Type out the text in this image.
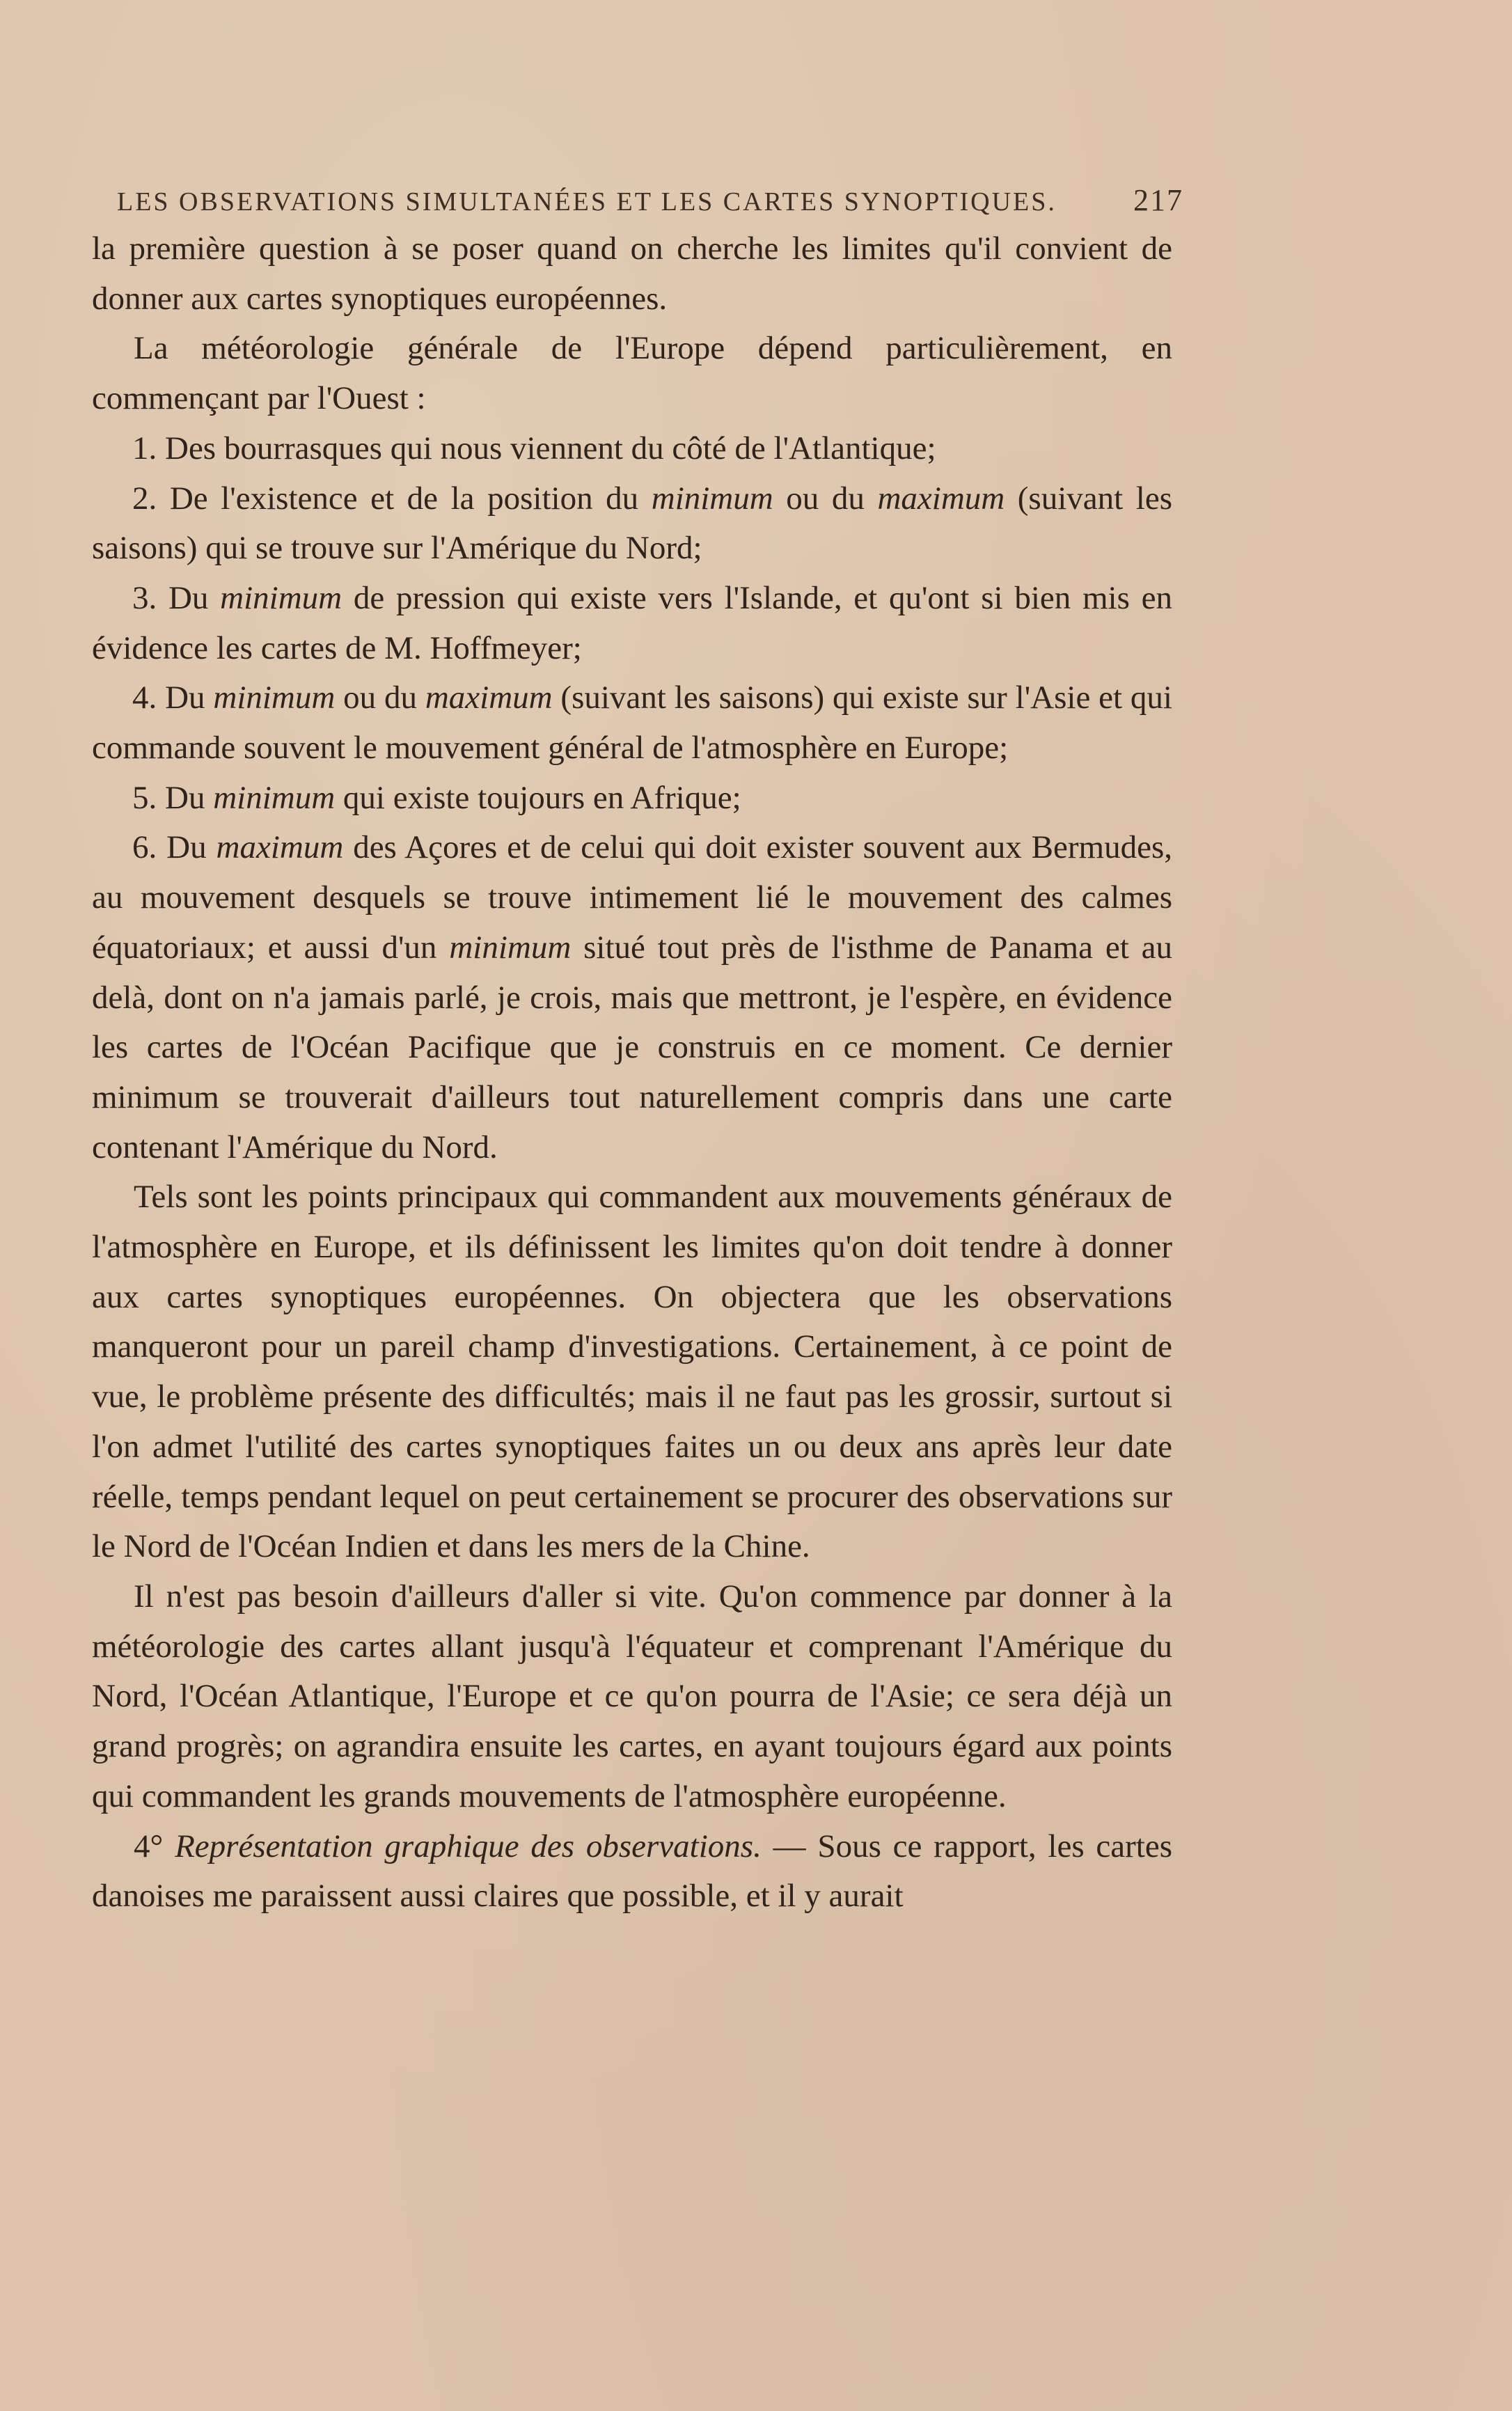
LES OBSERVATIONS SIMULTANÉES ET LES CARTES SYNOPTIQUES.	217

la première question à se poser quand on cherche les limites qu'il convient de donner aux cartes synoptiques européennes.

La météorologie générale de l'Europe dépend particulièrement, en commençant par l'Ouest :

1. Des bourrasques qui nous viennent du côté de l'Atlantique;

2. De l'existence et de la position du minimum ou du maximum (suivant les saisons) qui se trouve sur l'Amérique du Nord;

3. Du minimum de pression qui existe vers l'Islande, et qu'ont si bien mis en évidence les cartes de M. Hoffmeyer;

4. Du minimum ou du maximum (suivant les saisons) qui existe sur l'Asie et qui commande souvent le mouvement général de l'atmosphère en Europe;

5. Du minimum qui existe toujours en Afrique;

6. Du maximum des Açores et de celui qui doit exister souvent aux Bermudes, au mouvement desquels se trouve intimement lié le mouvement des calmes équatoriaux; et aussi d'un minimum situé tout près de l'isthme de Panama et au delà, dont on n'a jamais parlé, je crois, mais que mettront, je l'espère, en évidence les cartes de l'Océan Pacifique que je construis en ce moment. Ce dernier minimum se trouverait d'ailleurs tout naturellement compris dans une carte contenant l'Amérique du Nord.

Tels sont les points principaux qui commandent aux mouvements généraux de l'atmosphère en Europe, et ils définissent les limites qu'on doit tendre à donner aux cartes synoptiques européennes. On objectera que les observations manqueront pour un pareil champ d'investigations. Certainement, à ce point de vue, le problème présente des difficultés; mais il ne faut pas les grossir, surtout si l'on admet l'utilité des cartes synoptiques faites un ou deux ans après leur date réelle, temps pendant lequel on peut certainement se procurer des observations sur le Nord de l'Océan Indien et dans les mers de la Chine.

Il n'est pas besoin d'ailleurs d'aller si vite. Qu'on commence par donner à la météorologie des cartes allant jusqu'à l'équateur et comprenant l'Amérique du Nord, l'Océan Atlantique, l'Europe et ce qu'on pourra de l'Asie; ce sera déjà un grand progrès; on agrandira ensuite les cartes, en ayant toujours égard aux points qui commandent les grands mouvements de l'atmosphère européenne.

4° Représentation graphique des observations. — Sous ce rapport, les cartes danoises me paraissent aussi claires que possible, et il y aurait
